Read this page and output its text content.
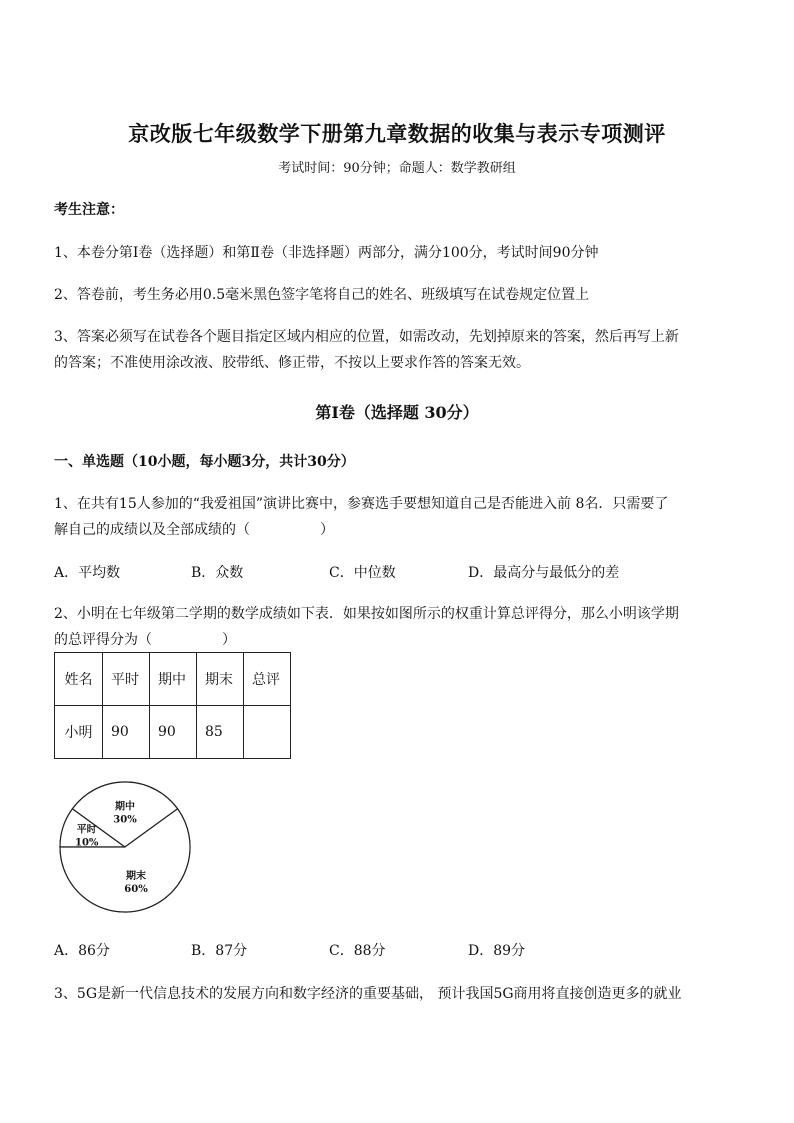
京改版七年级数学下册第九章数据的收集与表示专项测评
考试时间：90分钟；命题人：数学教研组
考生注意：
1、本卷分第Ⅰ卷（选择题）和第Ⅱ卷（非选择题）两部分，满分100分，考试时间90分钟
2、答卷前，考生务必用0.5毫米黑色签字笔将自己的姓名、班级填写在试卷规定位置上
3、答案必须写在试卷各个题目指定区域内相应的位置，如需改动，先划掉原来的答案，然后再写上新
的答案；不准使用涂改液、胶带纸、修正带，不按以上要求作答的答案无效。
第Ⅰ卷（选择题 30分）
一、单选题（10小题，每小题3分，共计30分）
1、在共有15人参加的“我爱祖国”演讲比赛中，参赛选手要想知道自己是否能进入前 8名．只需要了
解自己的成绩以及全部成绩的（	）
A．平均数	B．众数	C．中位数	D．最高分与最低分的差
2、小明在七年级第二学期的数学成绩如下表．如果按如图所示的权重计算总评得分，那么小明该学期
的总评得分为（	）
姓名	平时	期中	期末	总评
小明	90	90	85	
平时
10%
期中
30%
期末
60%
A．86分	B．87分	C．88分	D．89分
3、5G是新一代信息技术的发展方向和数字经济的重要基础， 预计我国5G商用将直接创造更多的就业
